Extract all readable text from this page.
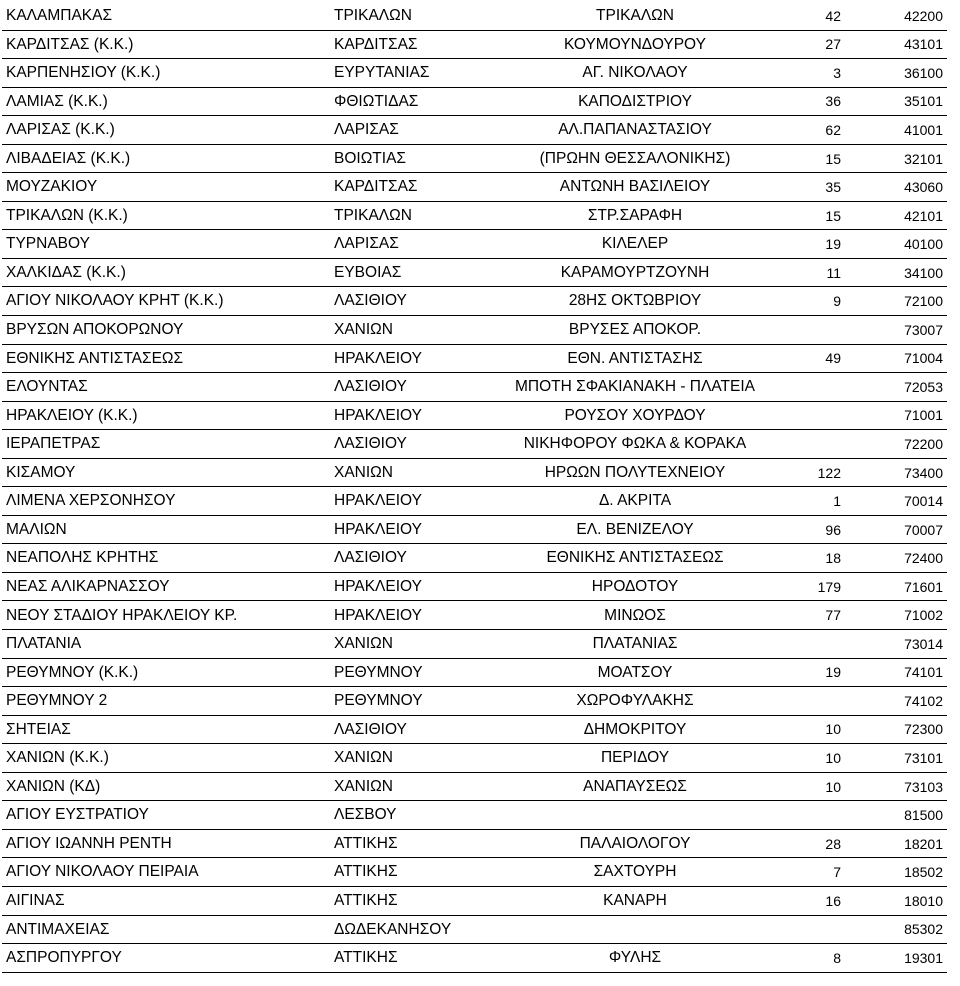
ΚΑΛΑΜΠΑΚΑΣ	ΤΡΙΚΑΛΩΝ	ΤΡΙΚΑΛΩΝ	42	42200
ΚΑΡΔΙΤΣΑΣ (Κ.Κ.)	ΚΑΡΔΙΤΣΑΣ	ΚΟΥΜΟΥΝΔΟΥΡΟΥ	27	43101
ΚΑΡΠΕΝΗΣΙΟΥ (Κ.Κ.)	ΕΥΡΥΤΑΝΙΑΣ	ΑΓ. ΝΙΚΟΛΑΟΥ	3	36100
ΛΑΜΙΑΣ (Κ.Κ.)	ΦΘΙΩΤΙΔΑΣ	ΚΑΠΟΔΙΣΤΡΙΟΥ	36	35101
ΛΑΡΙΣΑΣ (Κ.Κ.)	ΛΑΡΙΣΑΣ	ΑΛ.ΠΑΠΑΝΑΣΤΑΣΙΟΥ	62	41001
ΛΙΒΑΔΕΙΑΣ (Κ.Κ.)	ΒΟΙΩΤΙΑΣ	(ΠΡΩΗΝ ΘΕΣΣΑΛΟΝΙΚΗΣ)	15	32101
ΜΟΥΖΑΚΙΟΥ	ΚΑΡΔΙΤΣΑΣ	ΑΝΤΩΝΗ ΒΑΣΙΛΕΙΟΥ	35	43060
ΤΡΙΚΑΛΩΝ (Κ.Κ.)	ΤΡΙΚΑΛΩΝ	ΣΤΡ.ΣΑΡΑΦΗ	15	42101
ΤΥΡΝΑΒΟΥ	ΛΑΡΙΣΑΣ	ΚΙΛΕΛΕΡ	19	40100
ΧΑΛΚΙΔΑΣ (Κ.Κ.)	ΕΥΒΟΙΑΣ	ΚΑΡΑΜΟΥΡΤΖΟΥΝΗ	11	34100
ΑΓΙΟΥ ΝΙΚΟΛΑΟΥ ΚΡΗΤ (Κ.Κ.)	ΛΑΣΙΘΙΟΥ	28ΗΣ ΟΚΤΩΒΡΙΟΥ	9	72100
ΒΡΥΣΩΝ ΑΠΟΚΟΡΩΝΟΥ	ΧΑΝΙΩΝ	ΒΡΥΣΕΣ ΑΠΟΚΟΡ.		73007
ΕΘΝΙΚΗΣ ΑΝΤΙΣΤΑΣΕΩΣ	ΗΡΑΚΛΕΙΟΥ	ΕΘΝ. ΑΝΤΙΣΤΑΣΗΣ	49	71004
ΕΛΟΥΝΤΑΣ	ΛΑΣΙΘΙΟΥ	ΜΠΟΤΗ ΣΦΑΚΙΑΝΑΚΗ - ΠΛΑΤΕΙΑ		72053
ΗΡΑΚΛΕΙΟΥ (Κ.Κ.)	ΗΡΑΚΛΕΙΟΥ	ΡΟΥΣΟΥ ΧΟΥΡΔΟΥ		71001
ΙΕΡΑΠΕΤΡΑΣ	ΛΑΣΙΘΙΟΥ	ΝΙΚΗΦΟΡΟΥ ΦΩΚΑ & ΚΟΡΑΚΑ		72200
ΚΙΣΑΜΟΥ	ΧΑΝΙΩΝ	ΗΡΩΩΝ ΠΟΛΥΤΕΧΝΕΙΟΥ	122	73400
ΛΙΜΕΝΑ ΧΕΡΣΟΝΗΣΟΥ	ΗΡΑΚΛΕΙΟΥ	Δ. ΑΚΡΙΤΑ	1	70014
ΜΑΛΙΩΝ	ΗΡΑΚΛΕΙΟΥ	ΕΛ. ΒΕΝΙΖΕΛΟΥ	96	70007
ΝΕΑΠΟΛΗΣ ΚΡΗΤΗΣ	ΛΑΣΙΘΙΟΥ	ΕΘΝΙΚΗΣ ΑΝΤΙΣΤΑΣΕΩΣ	18	72400
ΝΕΑΣ ΑΛΙΚΑΡΝΑΣΣΟΥ	ΗΡΑΚΛΕΙΟΥ	ΗΡΟΔΟΤΟΥ	179	71601
ΝΕΟΥ ΣΤΑΔΙΟΥ ΗΡΑΚΛΕΙΟΥ ΚΡ.	ΗΡΑΚΛΕΙΟΥ	ΜΙΝΩΟΣ	77	71002
ΠΛΑΤΑΝΙΑ	ΧΑΝΙΩΝ	ΠΛΑΤΑΝΙΑΣ		73014
ΡΕΘΥΜΝΟΥ (Κ.Κ.)	ΡΕΘΥΜΝΟΥ	ΜΟΑΤΣΟΥ	19	74101
ΡΕΘΥΜΝΟΥ 2	ΡΕΘΥΜΝΟΥ	ΧΩΡΟΦΥΛΑΚΗΣ		74102
ΣΗΤΕΙΑΣ	ΛΑΣΙΘΙΟΥ	ΔΗΜΟΚΡΙΤΟΥ	10	72300
ΧΑΝΙΩΝ (Κ.Κ.)	ΧΑΝΙΩΝ	ΠΕΡΙΔΟΥ	10	73101
ΧΑΝΙΩΝ (ΚΔ)	ΧΑΝΙΩΝ	ΑΝΑΠΑΥΣΕΩΣ	10	73103
ΑΓΙΟΥ ΕΥΣΤΡΑΤΙΟΥ	ΛΕΣΒΟΥ			81500
ΑΓΙΟΥ ΙΩΑΝΝΗ ΡΕΝΤΗ	ΑΤΤΙΚΗΣ	ΠΑΛΑΙΟΛΟΓΟΥ	28	18201
ΑΓΙΟΥ ΝΙΚΟΛΑΟΥ ΠΕΙΡΑΙΑ	ΑΤΤΙΚΗΣ	ΣΑΧΤΟΥΡΗ	7	18502
ΑΙΓΙΝΑΣ	ΑΤΤΙΚΗΣ	ΚΑΝΑΡΗ	16	18010
ΑΝΤΙΜΑΧΕΙΑΣ	ΔΩΔΕΚΑΝΗΣΟΥ			85302
ΑΣΠΡΟΠΥΡΓΟΥ	ΑΤΤΙΚΗΣ	ΦΥΛΗΣ	8	19301
